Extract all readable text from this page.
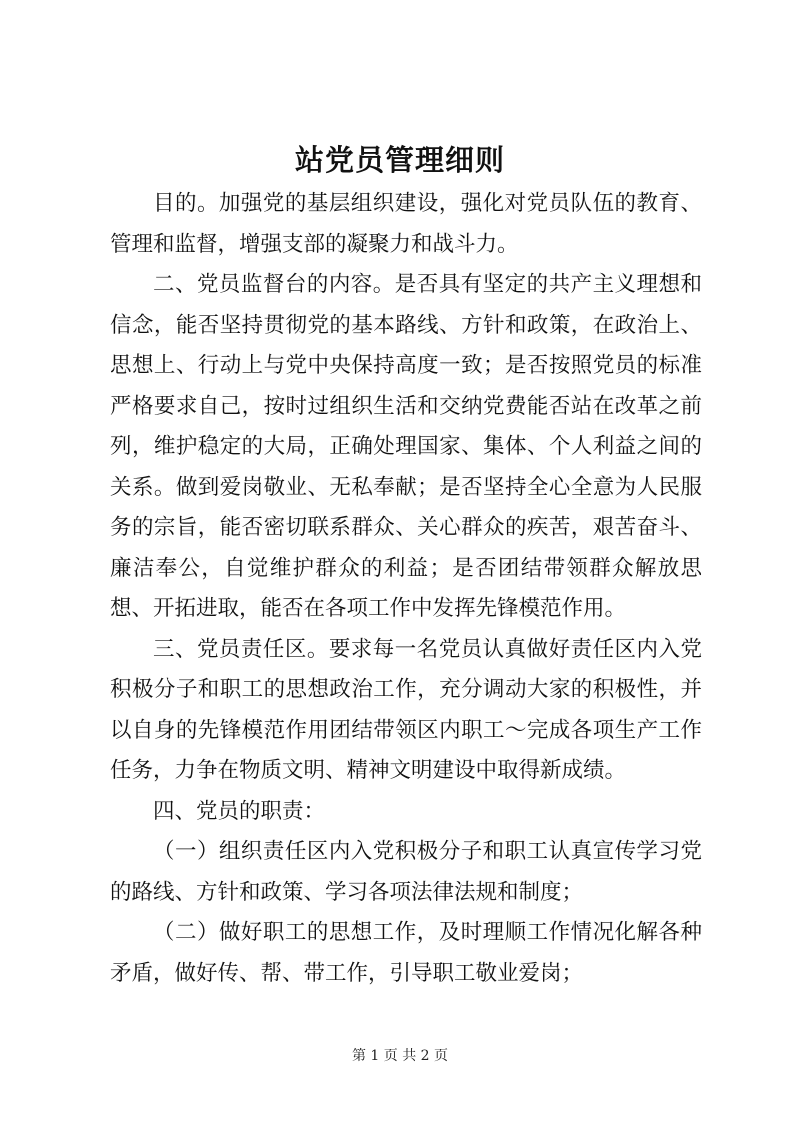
站党员管理细则

目的。加强党的基层组织建设，强化对党员队伍的教育、管理和监督，增强支部的凝聚力和战斗力。

二、党员监督台的内容。是否具有坚定的共产主义理想和信念，能否坚持贯彻党的基本路线、方针和政策，在政治上、思想上、行动上与党中央保持高度一致；是否按照党员的标准严格要求自己，按时过组织生活和交纳党费能否站在改革之前列，维护稳定的大局，正确处理国家、集体、个人利益之间的关系。做到爱岗敬业、无私奉献；是否坚持全心全意为人民服务的宗旨，能否密切联系群众、关心群众的疾苦，艰苦奋斗、廉洁奉公，自觉维护群众的利益；是否团结带领群众解放思想、开拓进取，能否在各项工作中发挥先锋模范作用。

三、党员责任区。要求每一名党员认真做好责任区内入党积极分子和职工的思想政治工作，充分调动大家的积极性，并以自身的先锋模范作用团结带领区内职工～完成各项生产工作任务，力争在物质文明、精神文明建设中取得新成绩。

四、党员的职责：

（一）组织责任区内入党积极分子和职工认真宣传学习党的路线、方针和政策、学习各项法律法规和制度；

（二）做好职工的思想工作，及时理顺工作情况化解各种矛盾，做好传、帮、带工作，引导职工敬业爱岗；

第 1 页 共 2 页
